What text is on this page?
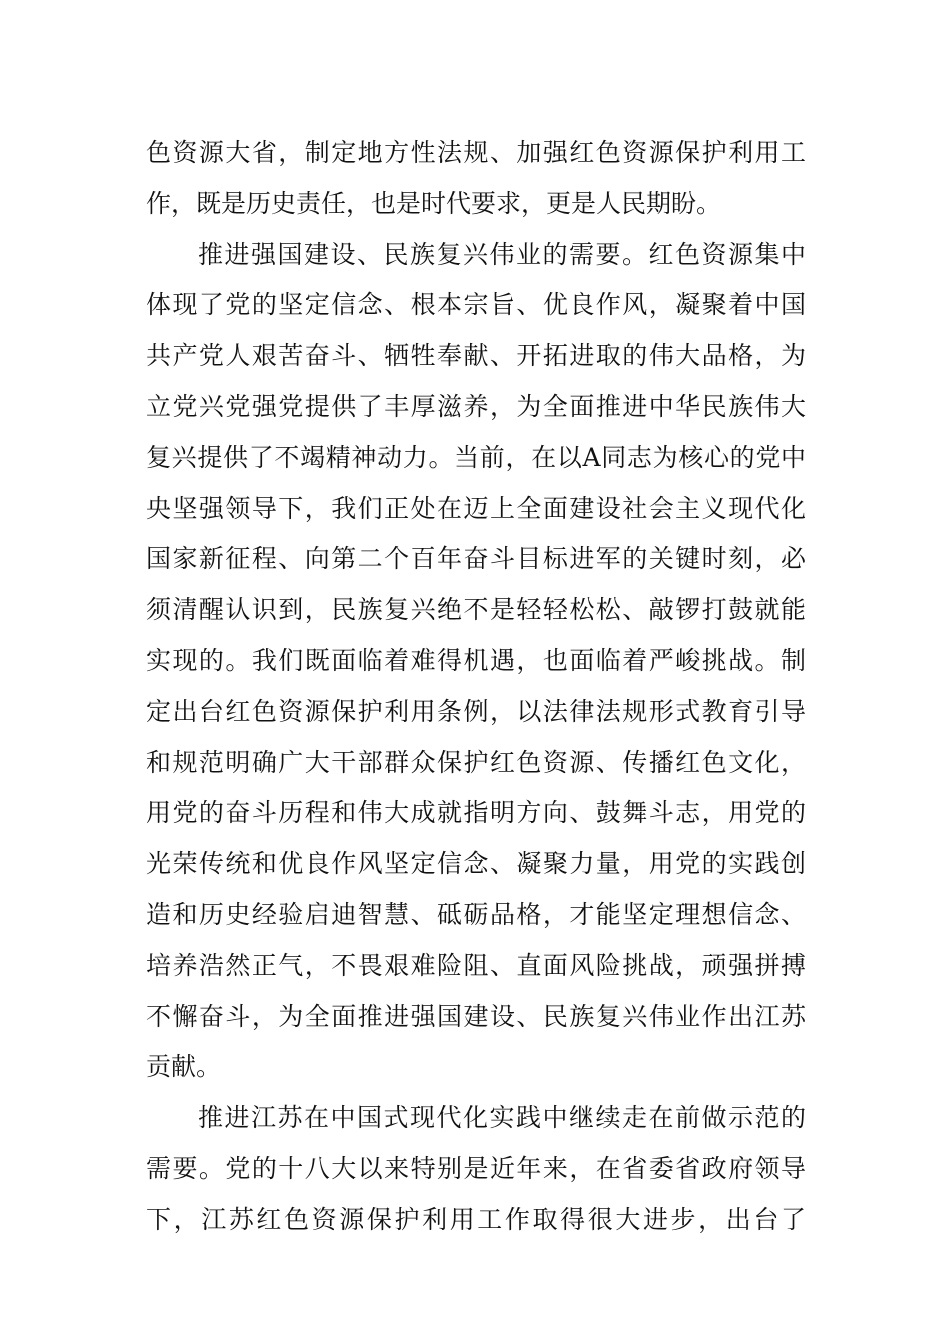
色资源大省，制定地方性法规、加强红色资源保护利用工
作，既是历史责任，也是时代要求，更是人民期盼。
推进强国建设、民族复兴伟业的需要。红色资源集中
体现了党的坚定信念、根本宗旨、优良作风，凝聚着中国
共产党人艰苦奋斗、牺牲奉献、开拓进取的伟大品格，为
立党兴党强党提供了丰厚滋养，为全面推进中华民族伟大
复兴提供了不竭精神动力。当前，在以A同志为核心的党中
央坚强领导下，我们正处在迈上全面建设社会主义现代化
国家新征程、向第二个百年奋斗目标进军的关键时刻，必
须清醒认识到，民族复兴绝不是轻轻松松、敲锣打鼓就能
实现的。我们既面临着难得机遇，也面临着严峻挑战。制
定出台红色资源保护利用条例，以法律法规形式教育引导
和规范明确广大干部群众保护红色资源、传播红色文化，
用党的奋斗历程和伟大成就指明方向、鼓舞斗志，用党的
光荣传统和优良作风坚定信念、凝聚力量，用党的实践创
造和历史经验启迪智慧、砥砺品格，才能坚定理想信念、
培养浩然正气，不畏艰难险阻、直面风险挑战，顽强拼搏
不懈奋斗，为全面推进强国建设、民族复兴伟业作出江苏
贡献。
推进江苏在中国式现代化实践中继续走在前做示范的
需要。党的十八大以来特别是近年来，在省委省政府领导
下，江苏红色资源保护利用工作取得很大进步，出台了
